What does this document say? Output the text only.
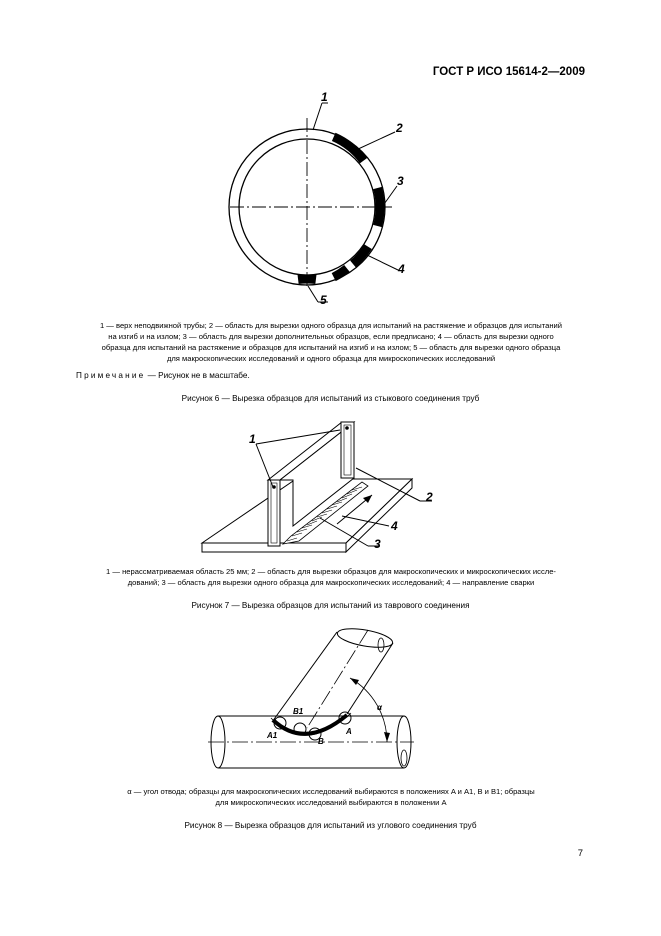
ГОСТ Р ИСО 15614-2—2009
1
2
3
4
5
1 — верх неподвижной трубы; 2 — область для вырезки одного образца для испытаний на растяжение и образцов для испытаний
на изгиб и на излом; 3 — область для вырезки дополнительных образцов, если предписано; 4 — область для вырезки одного
образца для испытаний на растяжение и образцов для испытаний на изгиб и на излом; 5 — область для вырезки одного образца
для макроскопических исследований и одного образца для микроскопических исследований
Примечание — Рисунок не в масштабе.
Рисунок 6 — Вырезка образцов для испытаний из стыкового соединения труб
1
2
3
4
1 — нерассматриваемая область 25 мм; 2 — область для вырезки образцов для макроскопических и микроскопических иссле-
дований; 3 — область для вырезки одного образца для макроскопических исследований; 4 — направление сварки
Рисунок 7 — Вырезка образцов для испытаний из таврового соединения
α
B1
A1
B
A
α — угол отвода; образцы для макроскопических исследований выбираются в положениях A и A1, B и B1; образцы
для микроскопических исследований выбираются в положении A
Рисунок 8 — Вырезка образцов для испытаний из углового соединения труб
7
